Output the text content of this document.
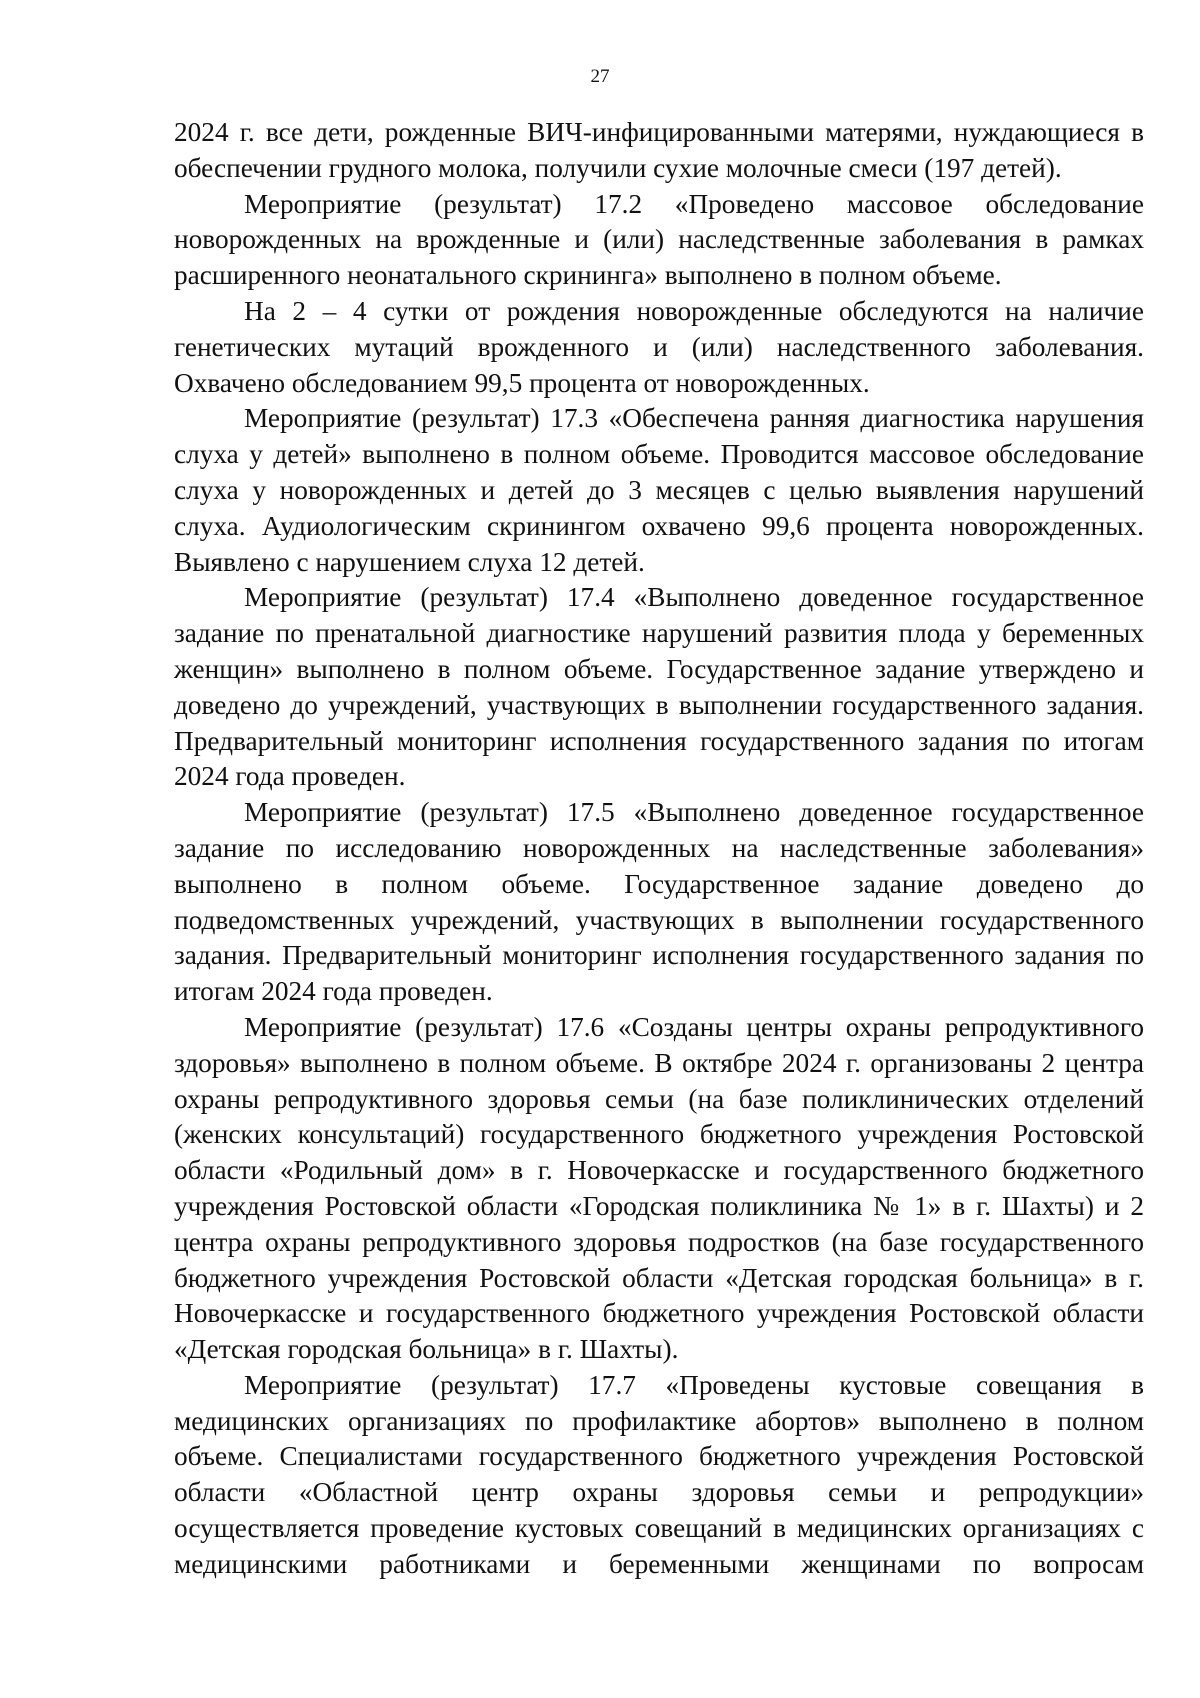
27

2024 г. все дети, рожденные ВИЧ-инфицированными матерями, нуждающиеся в обеспечении грудного молока, получили сухие молочные смеси (197 детей).

Мероприятие (результат) 17.2 «Проведено массовое обследование новорожденных на врожденные и (или) наследственные заболевания в рамках расширенного неонатального скрининга» выполнено в полном объеме.

На 2 – 4 сутки от рождения новорожденные обследуются на наличие генетических мутаций врожденного и (или) наследственного заболевания. Охвачено обследованием 99,5 процента от новорожденных.

Мероприятие (результат) 17.3 «Обеспечена ранняя диагностика нарушения слуха у детей» выполнено в полном объеме. Проводится массовое обследование слуха у новорожденных и детей до 3 месяцев с целью выявления нарушений слуха. Аудиологическим скринингом охвачено 99,6 процента новорожденных. Выявлено с нарушением слуха 12 детей.

Мероприятие (результат) 17.4 «Выполнено доведенное государственное задание по пренатальной диагностике нарушений развития плода у беременных женщин» выполнено в полном объеме. Государственное задание утверждено и доведено до учреждений, участвующих в выполнении государственного задания. Предварительный мониторинг исполнения государственного задания по итогам 2024 года проведен.

Мероприятие (результат) 17.5 «Выполнено доведенное государственное задание по исследованию новорожденных на наследственные заболевания» выполнено в полном объеме. Государственное задание доведено до подведомственных учреждений, участвующих в выполнении государственного задания. Предварительный мониторинг исполнения государственного задания по итогам 2024 года проведен.

Мероприятие (результат) 17.6 «Созданы центры охраны репродуктивного здоровья» выполнено в полном объеме. В октябре 2024 г. организованы 2 центра охраны репродуктивного здоровья семьи (на базе поликлинических отделений (женских консультаций) государственного бюджетного учреждения Ростовской области «Родильный дом» в г. Новочеркасске и государственного бюджетного учреждения Ростовской области «Городская поликлиника № 1» в г. Шахты) и 2 центра охраны репродуктивного здоровья подростков (на базе государственного бюджетного учреждения Ростовской области «Детская городская больница» в г. Новочеркасске и государственного бюджетного учреждения Ростовской области «Детская городская больница» в г. Шахты).

Мероприятие (результат) 17.7 «Проведены кустовые совещания в медицинских организациях по профилактике абортов» выполнено в полном объеме. Специалистами государственного бюджетного учреждения Ростовской области «Областной центр охраны здоровья семьи и репродукции» осуществляется проведение кустовых совещаний в медицинских организациях с медицинскими работниками и беременными женщинами по вопросам
